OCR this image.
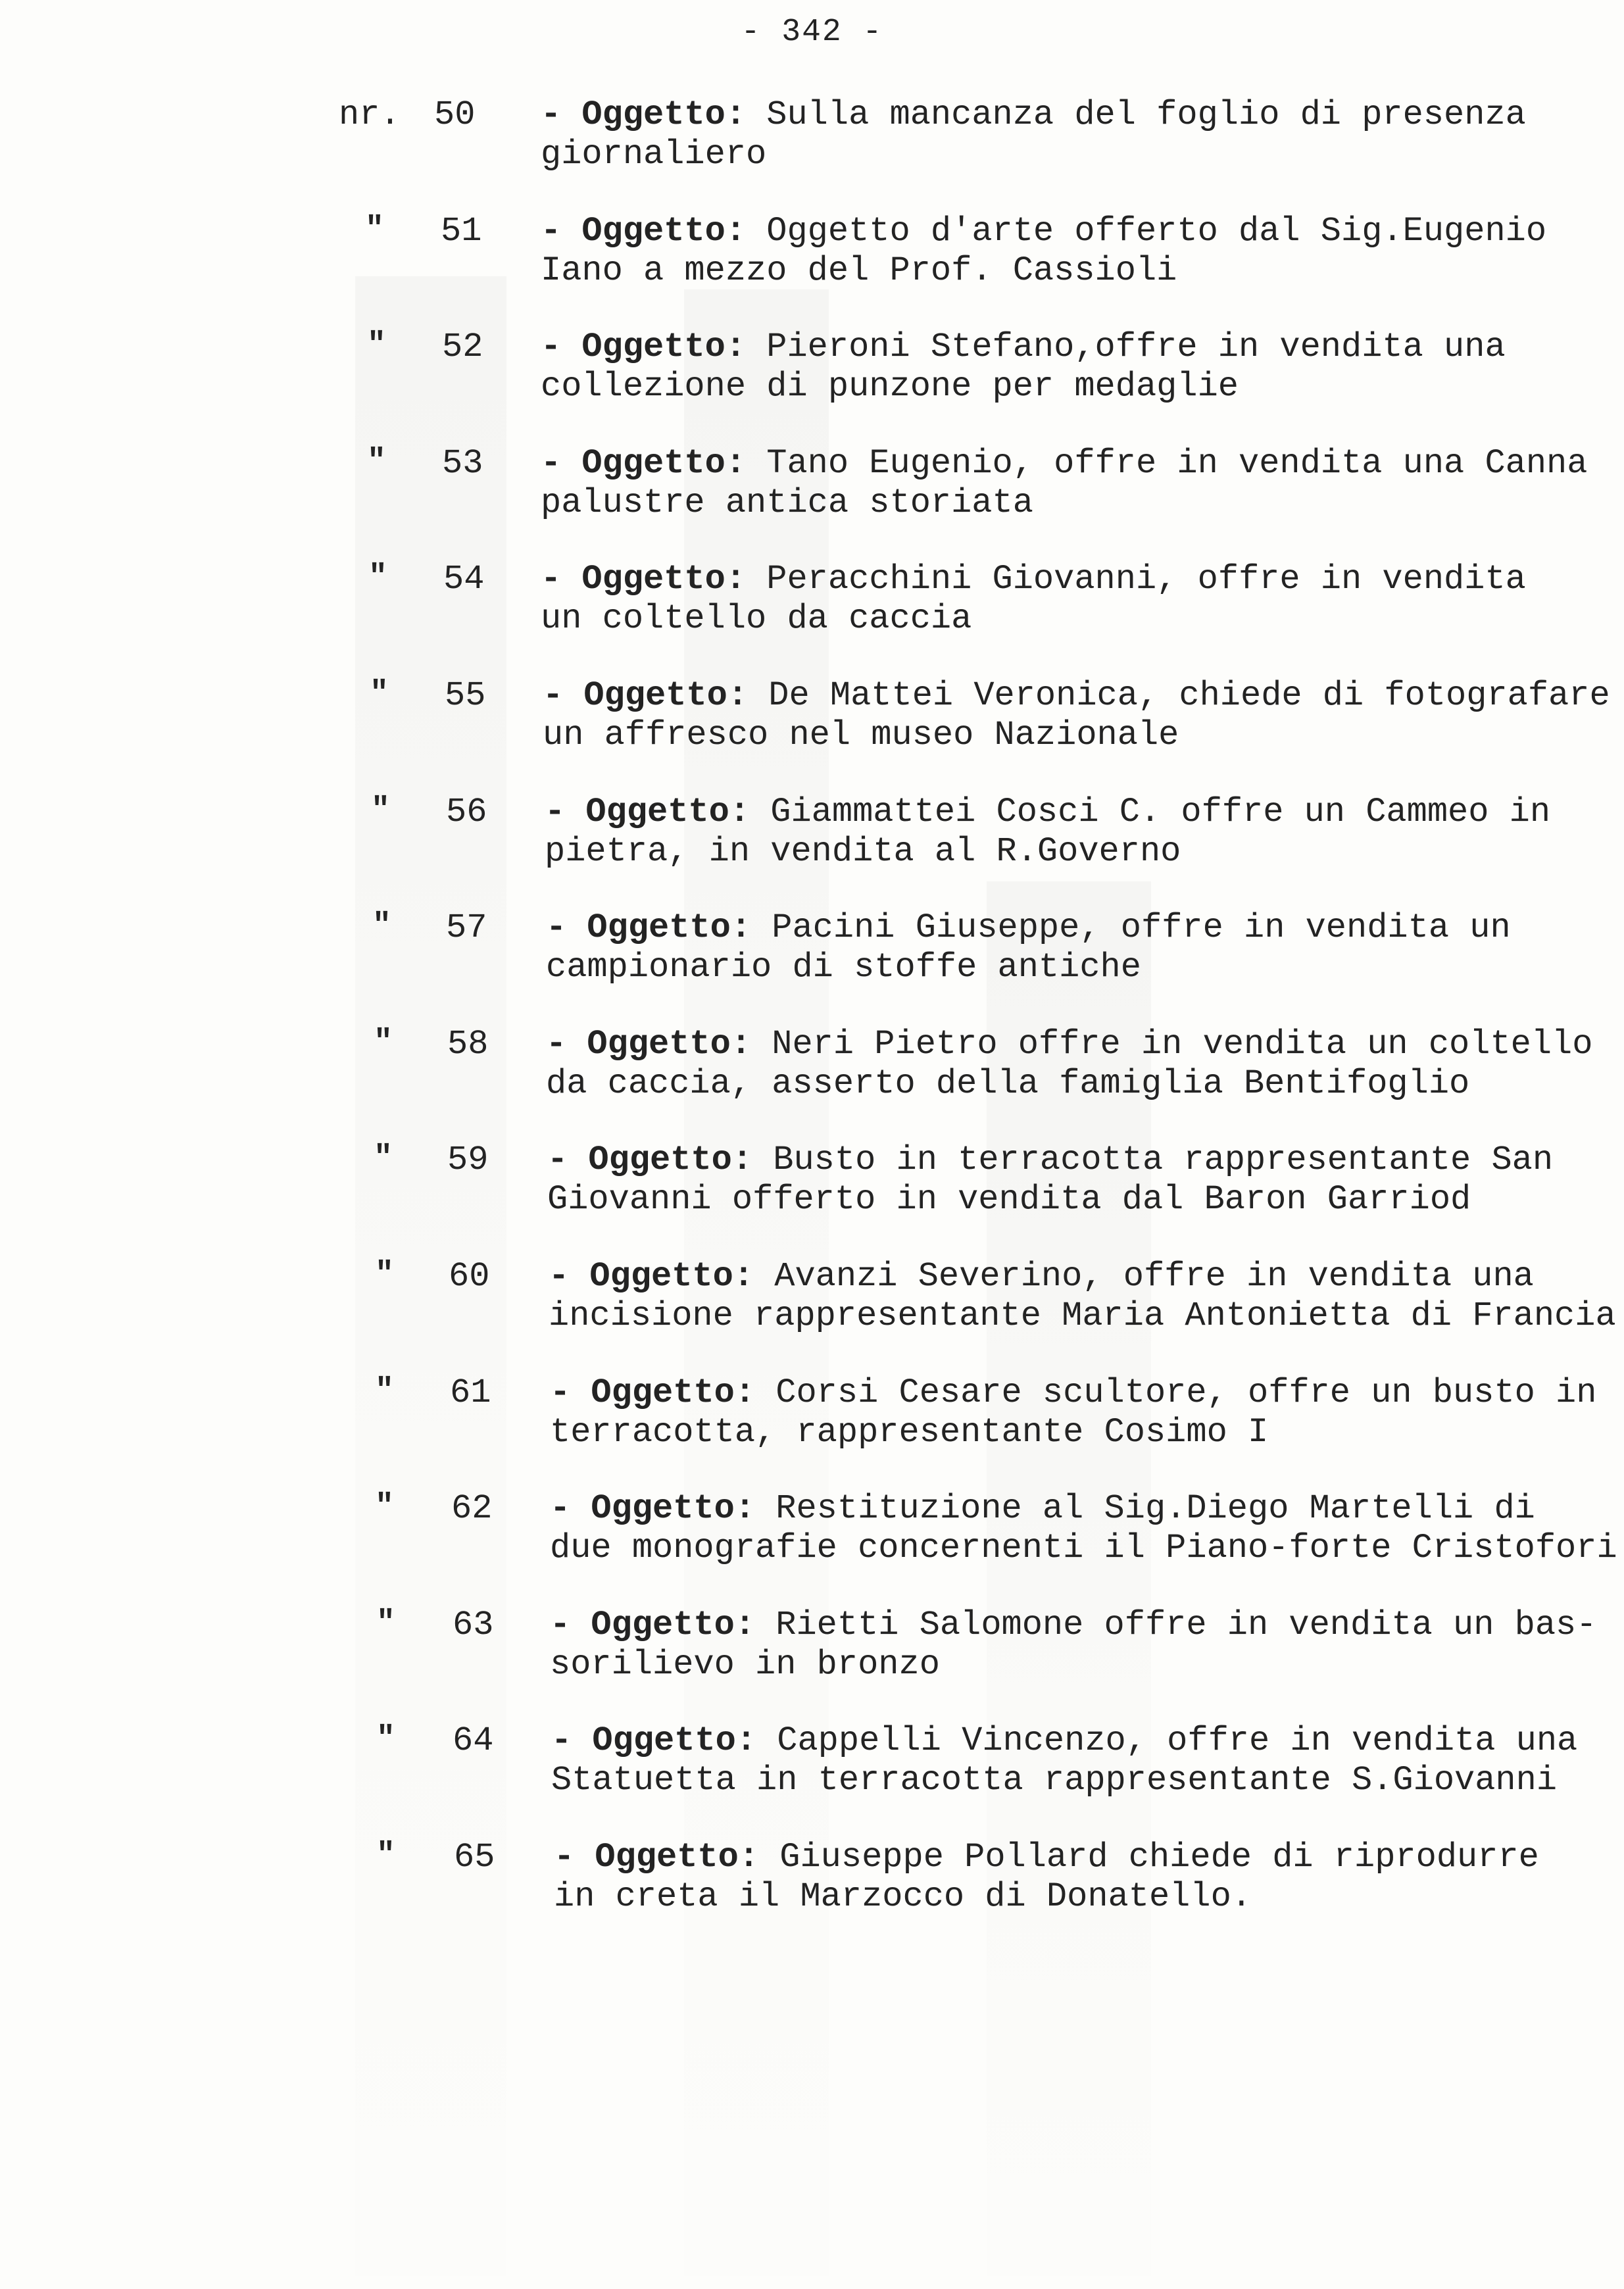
- 342 -
nr. 50 - Oggetto: Sulla mancanza del foglio di presenza
giornaliero
" 51 - Oggetto: Oggetto d'arte offerto dal Sig.Eugenio
Iano a mezzo del Prof. Cassioli
" 52 - Oggetto: Pieroni Stefano,offre in vendita una
collezione di punzone per medaglie
" 53 - Oggetto: Tano Eugenio, offre in vendita una Canna
palustre antica storiata
" 54 - Oggetto: Peracchini Giovanni, offre in vendita
un coltello da caccia
" 55 - Oggetto: De Mattei Veronica, chiede di fotografare
un affresco nel museo Nazionale
" 56 - Oggetto: Giammattei Cosci C. offre un Cammeo in
pietra, in vendita al R.Governo
" 57 - Oggetto: Pacini Giuseppe, offre in vendita un
campionario di stoffe antiche
" 58 - Oggetto: Neri Pietro offre in vendita un coltello
da caccia, asserto della famiglia Bentifoglio
" 59 - Oggetto: Busto in terracotta rappresentante San
Giovanni offerto in vendita dal Baron Garriod
" 60 - Oggetto: Avanzi Severino, offre in vendita una
incisione rappresentante Maria Antonietta di Francia
" 61 - Oggetto: Corsi Cesare scultore, offre un busto in
terracotta, rappresentante Cosimo I
" 62 - Oggetto: Restituzione al Sig.Diego Martelli di
due monografie concernenti il Piano-forte Cristofori
" 63 - Oggetto: Rietti Salomone offre in vendita un bas-
sorilievo in bronzo
" 64 - Oggetto: Cappelli Vincenzo, offre in vendita una
Statuetta in terracotta rappresentante S.Giovanni
" 65 - Oggetto: Giuseppe Pollard chiede di riprodurre
in creta il Marzocco di Donatello.
